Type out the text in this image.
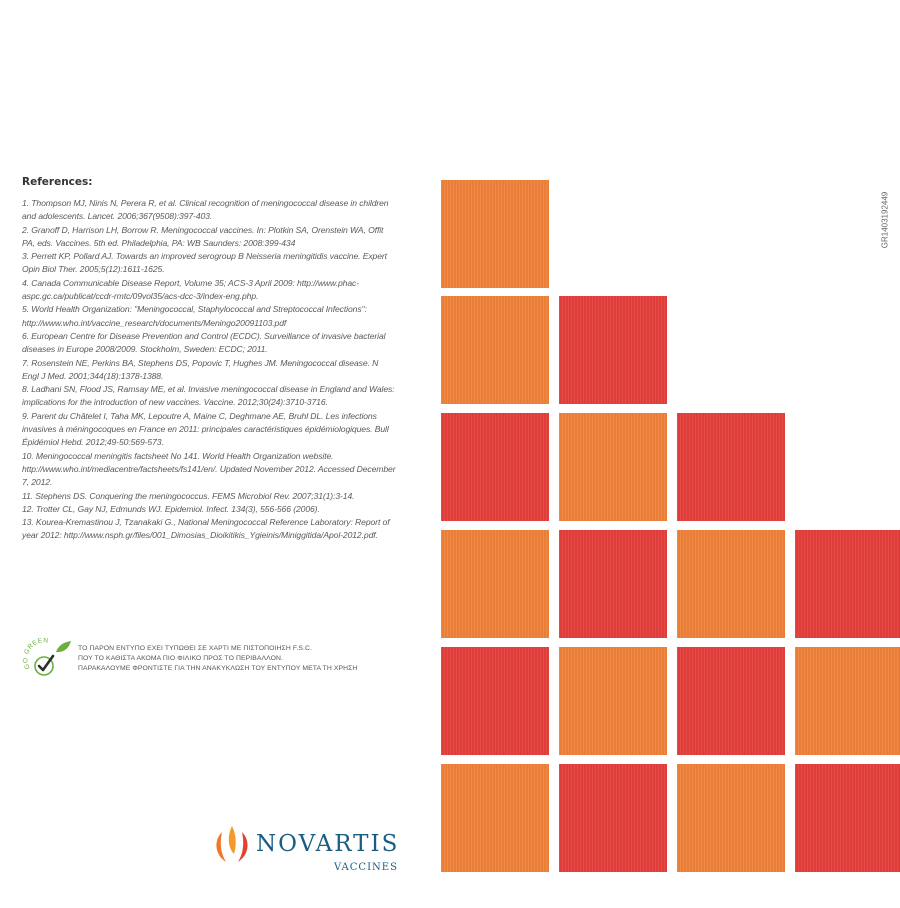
References:
1. Thompson MJ, Ninis N, Perera R, et al. Clinical recognition of meningococcal disease in children and adolescents. Lancet. 2006;367(9508):397-403.
2. Granoff D, Harrison LH, Borrow R. Meningococcal vaccines. In: Plotkin SA, Orenstein WA, Offit PA, eds. Vaccines. 5th ed. Philadelphia, PA: WB Saunders: 2008:399-434
3. Perrett KP, Pollard AJ. Towards an improved serogroup B Neisseria meningitidis vaccine. Expert Opin Biol Ther. 2005;5(12):1611-1625.
4. Canada Communicable Disease Report, Volume 35; ACS-3 April 2009: http://www.phac-aspc.gc.ca/publicat/ccdr-rmtc/09vol35/acs-dcc-3/index-eng.php.
5. World Health Organization: "Meningococcal, Staphylococcal and Streptococcal Infections": http://www.who.int/vaccine_research/documents/Meningo20091103.pdf
6. European Centre for Disease Prevention and Control (ECDC). Surveillance of invasive bacterial diseases in Europe 2008/2009. Stockholm, Sweden: ECDC; 2011.
7. Rosenstein NE, Perkins BA, Stephens DS, Popovic T, Hughes JM. Meningococcal disease. N Engl J Med. 2001;344(18):1378-1388.
8. Ladhani SN, Flood JS, Ramsay ME, et al. Invasive meningococcal disease in England and Wales: implications for the introduction of new vaccines. Vaccine. 2012;30(24):3710-3716.
9. Parent du Châtelet I, Taha MK, Lepoutre A, Maine C, Deghmane AE, Bruhl DL. Les infections invasives à méningocoques en France en 2011: principales caractéristiques épidémiologiques. Bull Épidémiol Hebd. 2012;49-50:569-573.
10. Meningococcal meningitis factsheet No 141. World Health Organization website. http://www.who.int/mediacentre/factsheets/fs141/en/. Updated November 2012. Accessed December 7, 2012.
11. Stephens DS. Conquering the meningococcus. FEMS Microbiol Rev. 2007;31(1):3-14.
12. Trotter CL, Gay NJ, Edmunds WJ. Epidemiol. Infect. 134(3), 556-566 (2006).
13. Kourea-Kremastinou J, Tzanakaki G., National Meningococcal Reference Laboratory: Report of year 2012: http://www.nsph.gr/files/001_Dimosias_Dioikitikis_Ygieinis/Miniggitida/Apol-2012.pdf.
GO GREEN
ΤΟ ΠΑΡΟΝ ΕΝΤΥΠΟ ΕΧΕΙ ΤΥΠΩΘΕΙ ΣΕ ΧΑΡΤΙ ΜΕ ΠΙΣΤΟΠΟΙΗΣΗ F.S.C.
ΠΟΥ ΤΟ ΚΑΘΙΣΤΑ ΑΚΟΜΑ ΠΙΟ ΦΙΛΙΚΟ ΠΡΟΣ ΤΟ ΠΕΡΙΒΑΛΛΟΝ.
ΠΑΡΑΚΑΛΟΥΜΕ ΦΡΟΝΤΙΣΤΕ ΓΙΑ ΤΗΝ ΑΝΑΚΥΚΛΩΣΗ ΤΟΥ ΕΝΤΥΠΟΥ ΜΕΤΑ ΤΗ ΧΡΗΣΗ
GR1403192449
NOVARTIS
VACCINES
